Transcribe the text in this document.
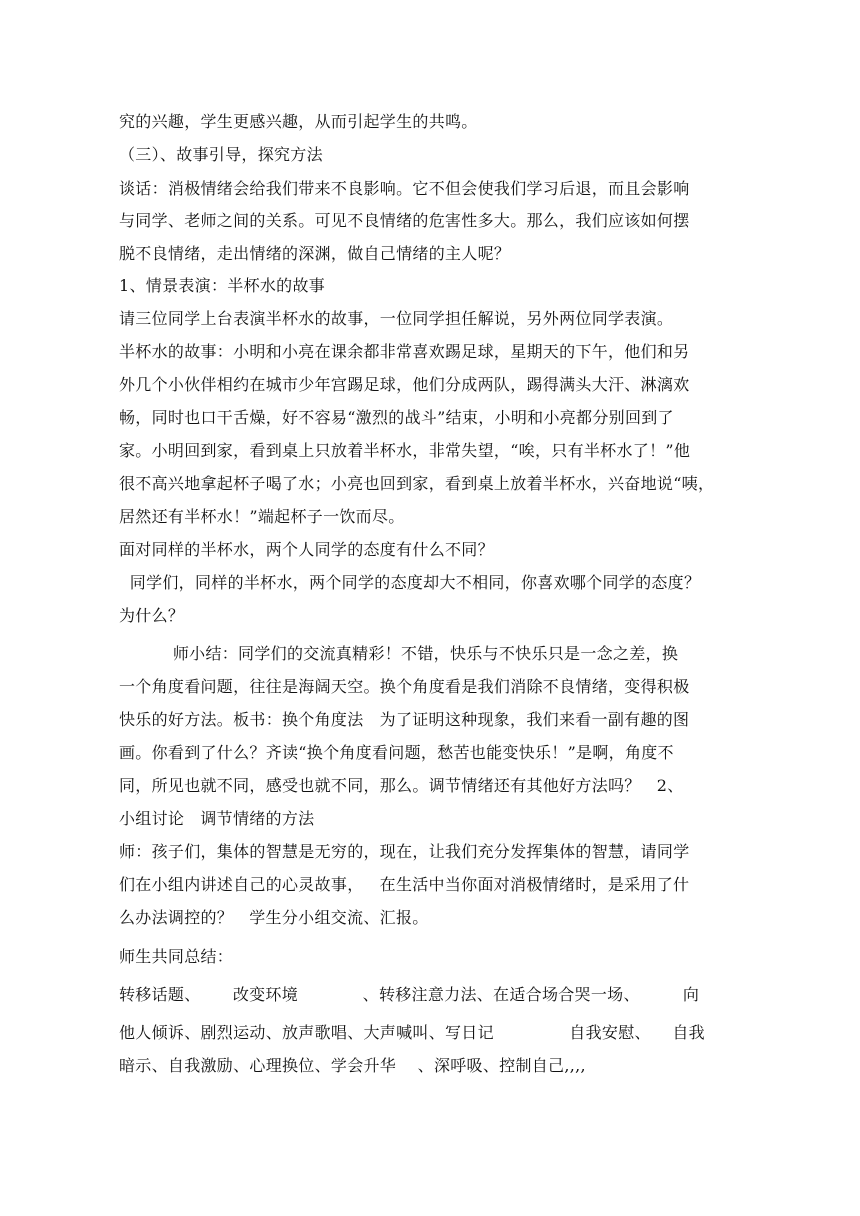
究的兴趣，学生更感兴趣，从而引起学生的共鸣。
（三）、故事引导，探究方法
谈话：消极情绪会给我们带来不良影响。它不但会使我们学习后退，而且会影响
与同学、老师之间的关系。可见不良情绪的危害性多大。那么，我们应该如何摆
脱不良情绪，走出情绪的深渊，做自己情绪的主人呢？
1、情景表演：半杯水的故事
请三位同学上台表演半杯水的故事，一位同学担任解说，另外两位同学表演。
半杯水的故事：小明和小亮在课余都非常喜欢踢足球，星期天的下午，他们和另
外几个小伙伴相约在城市少年宫踢足球，他们分成两队，踢得满头大汗、淋漓欢
畅，同时也口干舌燥，好不容易“激烈的战斗”结束，小明和小亮都分别回到了
家。小明回到家，看到桌上只放着半杯水，非常失望，“唉，只有半杯水了！”他
很不高兴地拿起杯子喝了水；小亮也回到家，看到桌上放着半杯水，兴奋地说“咦，
居然还有半杯水！”端起杯子一饮而尽。
面对同样的半杯水，两个人同学的态度有什么不同？
同学们，同样的半杯水，两个同学的态度却大不相同，你喜欢哪个同学的态度？
为什么？
师小结：同学们的交流真精彩！不错，快乐与不快乐只是一念之差，换
一个角度看问题，往往是海阔天空。换个角度看是我们消除不良情绪，变得积极
快乐的好方法。板书：换个角度法   为了证明这种现象，我们来看一副有趣的图
画。你看到了什么？齐读“换个角度看问题，愁苦也能变快乐！”是啊，角度不
同，所见也就不同，感受也就不同，那么。调节情绪还有其他好方法吗？   2、
小组讨论   调节情绪的方法
师：孩子们，集体的智慧是无穷的，现在，让我们充分发挥集体的智慧，请同学
们在小组内讲述自己的心灵故事，   在生活中当你面对消极情绪时，是采用了什
么办法调控的？   学生分小组交流、汇报。
师生共同总结：
转移话题、      改变环境            、转移注意力法、在适合场合哭一场、        向
他人倾诉、剧烈运动、放声歌唱、大声喊叫、写日记              自我安慰、    自我
暗示、自我激励、心理换位、学会升华    、深呼吸、控制自己,,,,
